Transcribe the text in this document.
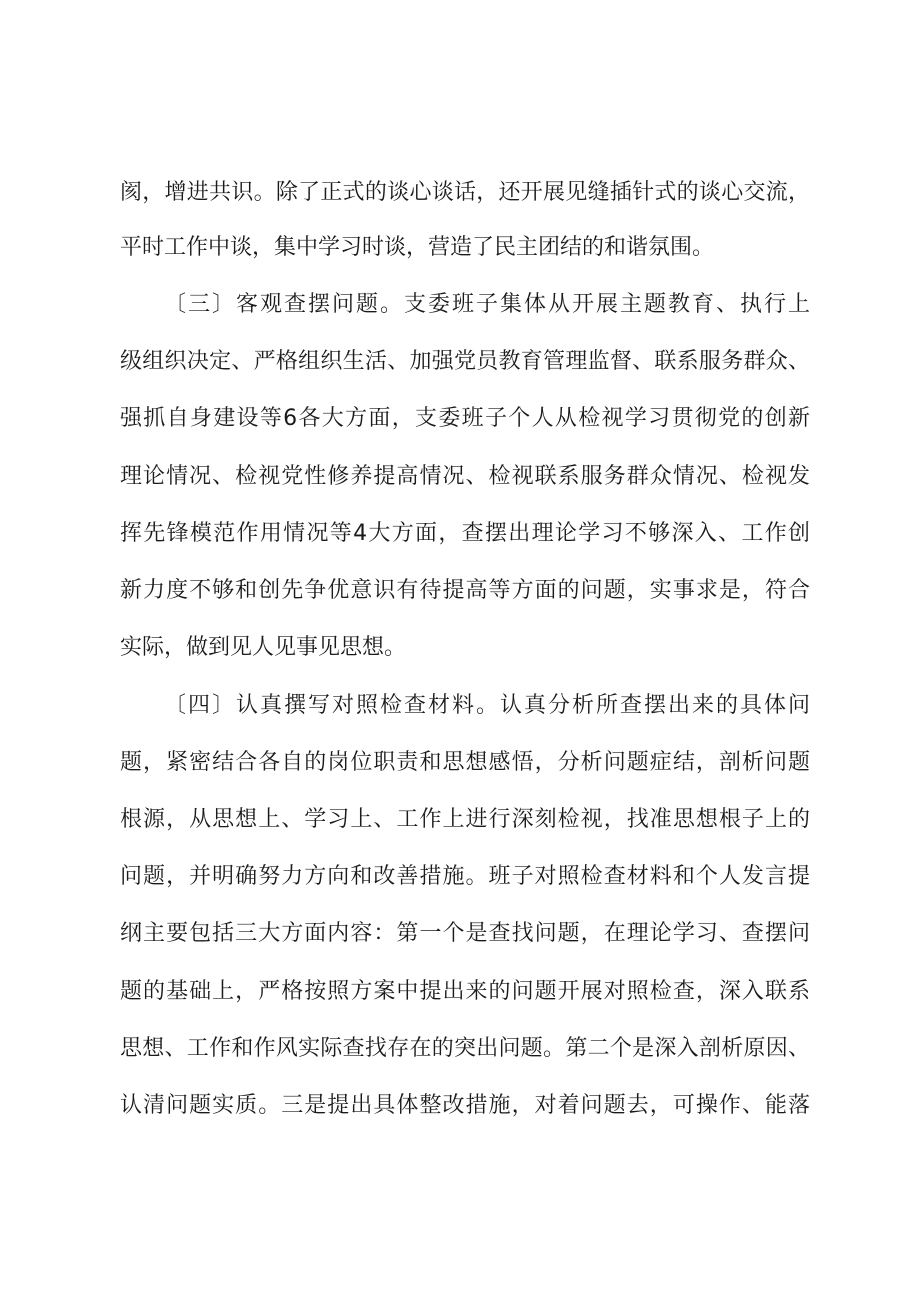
阂，增进共识。除了正式的谈心谈话，还开展见缝插针式的谈心交流，
平时工作中谈，集中学习时谈，营造了民主团结的和谐氛围。
〔三〕客观查摆问题。支委班子集体从开展主题教育、执行上
级组织决定、严格组织生活、加强党员教育管理监督、联系服务群众、
强抓自身建设等6各大方面，支委班子个人从检视学习贯彻党的创新
理论情况、检视党性修养提高情况、检视联系服务群众情况、检视发
挥先锋模范作用情况等4大方面，查摆出理论学习不够深入、工作创
新力度不够和创先争优意识有待提高等方面的问题，实事求是，符合
实际，做到见人见事见思想。
〔四〕认真撰写对照检查材料。认真分析所查摆出来的具体问
题，紧密结合各自的岗位职责和思想感悟，分析问题症结，剖析问题
根源，从思想上、学习上、工作上进行深刻检视，找准思想根子上的
问题，并明确努力方向和改善措施。班子对照检查材料和个人发言提
纲主要包括三大方面内容：第一个是查找问题，在理论学习、查摆问
题的基础上，严格按照方案中提出来的问题开展对照检查，深入联系
思想、工作和作风实际查找存在的突出问题。第二个是深入剖析原因、
认清问题实质。三是提出具体整改措施，对着问题去，可操作、能落
